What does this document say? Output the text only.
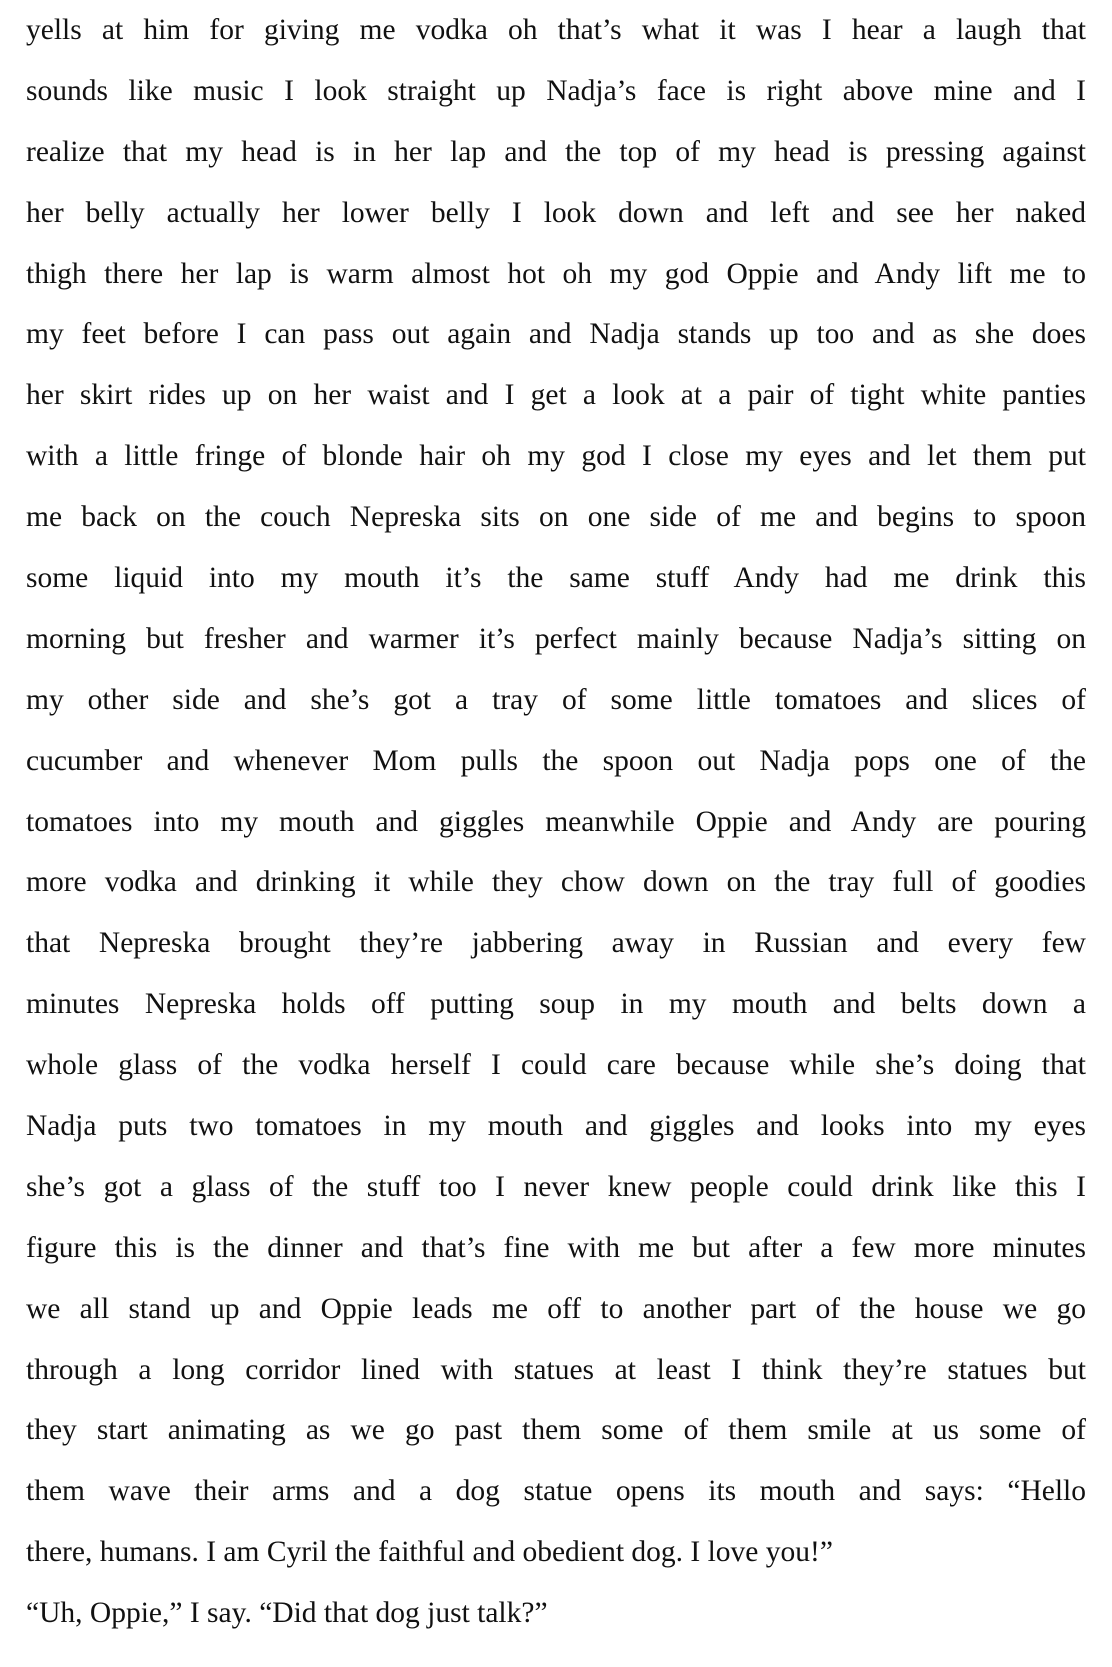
yells at him for giving me vodka oh that’s what it was I hear a laugh that
sounds like music I look straight up Nadja’s face is right above mine and I
realize that my head is in her lap and the top of my head is pressing against
her belly actually her lower belly I look down and left and see her naked
thigh there her lap is warm almost hot oh my god Oppie and Andy lift me to
my feet before I can pass out again and Nadja stands up too and as she does
her skirt rides up on her waist and I get a look at a pair of tight white panties
with a little fringe of blonde hair oh my god I close my eyes and let them put
me back on the couch Nepreska sits on one side of me and begins to spoon
some liquid into my mouth it’s the same stuff Andy had me drink this
morning but fresher and warmer it’s perfect mainly because Nadja’s sitting on
my other side and she’s got a tray of some little tomatoes and slices of
cucumber and whenever Mom pulls the spoon out Nadja pops one of the
tomatoes into my mouth and giggles meanwhile Oppie and Andy are pouring
more vodka and drinking it while they chow down on the tray full of goodies
that Nepreska brought they’re jabbering away in Russian and every few
minutes Nepreska holds off putting soup in my mouth and belts down a
whole glass of the vodka herself I could care because while she’s doing that
Nadja puts two tomatoes in my mouth and giggles and looks into my eyes
she’s got a glass of the stuff too I never knew people could drink like this I
figure this is the dinner and that’s fine with me but after a few more minutes
we all stand up and Oppie leads me off to another part of the house we go
through a long corridor lined with statues at least I think they’re statues but
they start animating as we go past them some of them smile at us some of
them wave their arms and a dog statue opens its mouth and says: “Hello
there, humans. I am Cyril the faithful and obedient dog. I love you!”
“Uh, Oppie,” I say. “Did that dog just talk?”
